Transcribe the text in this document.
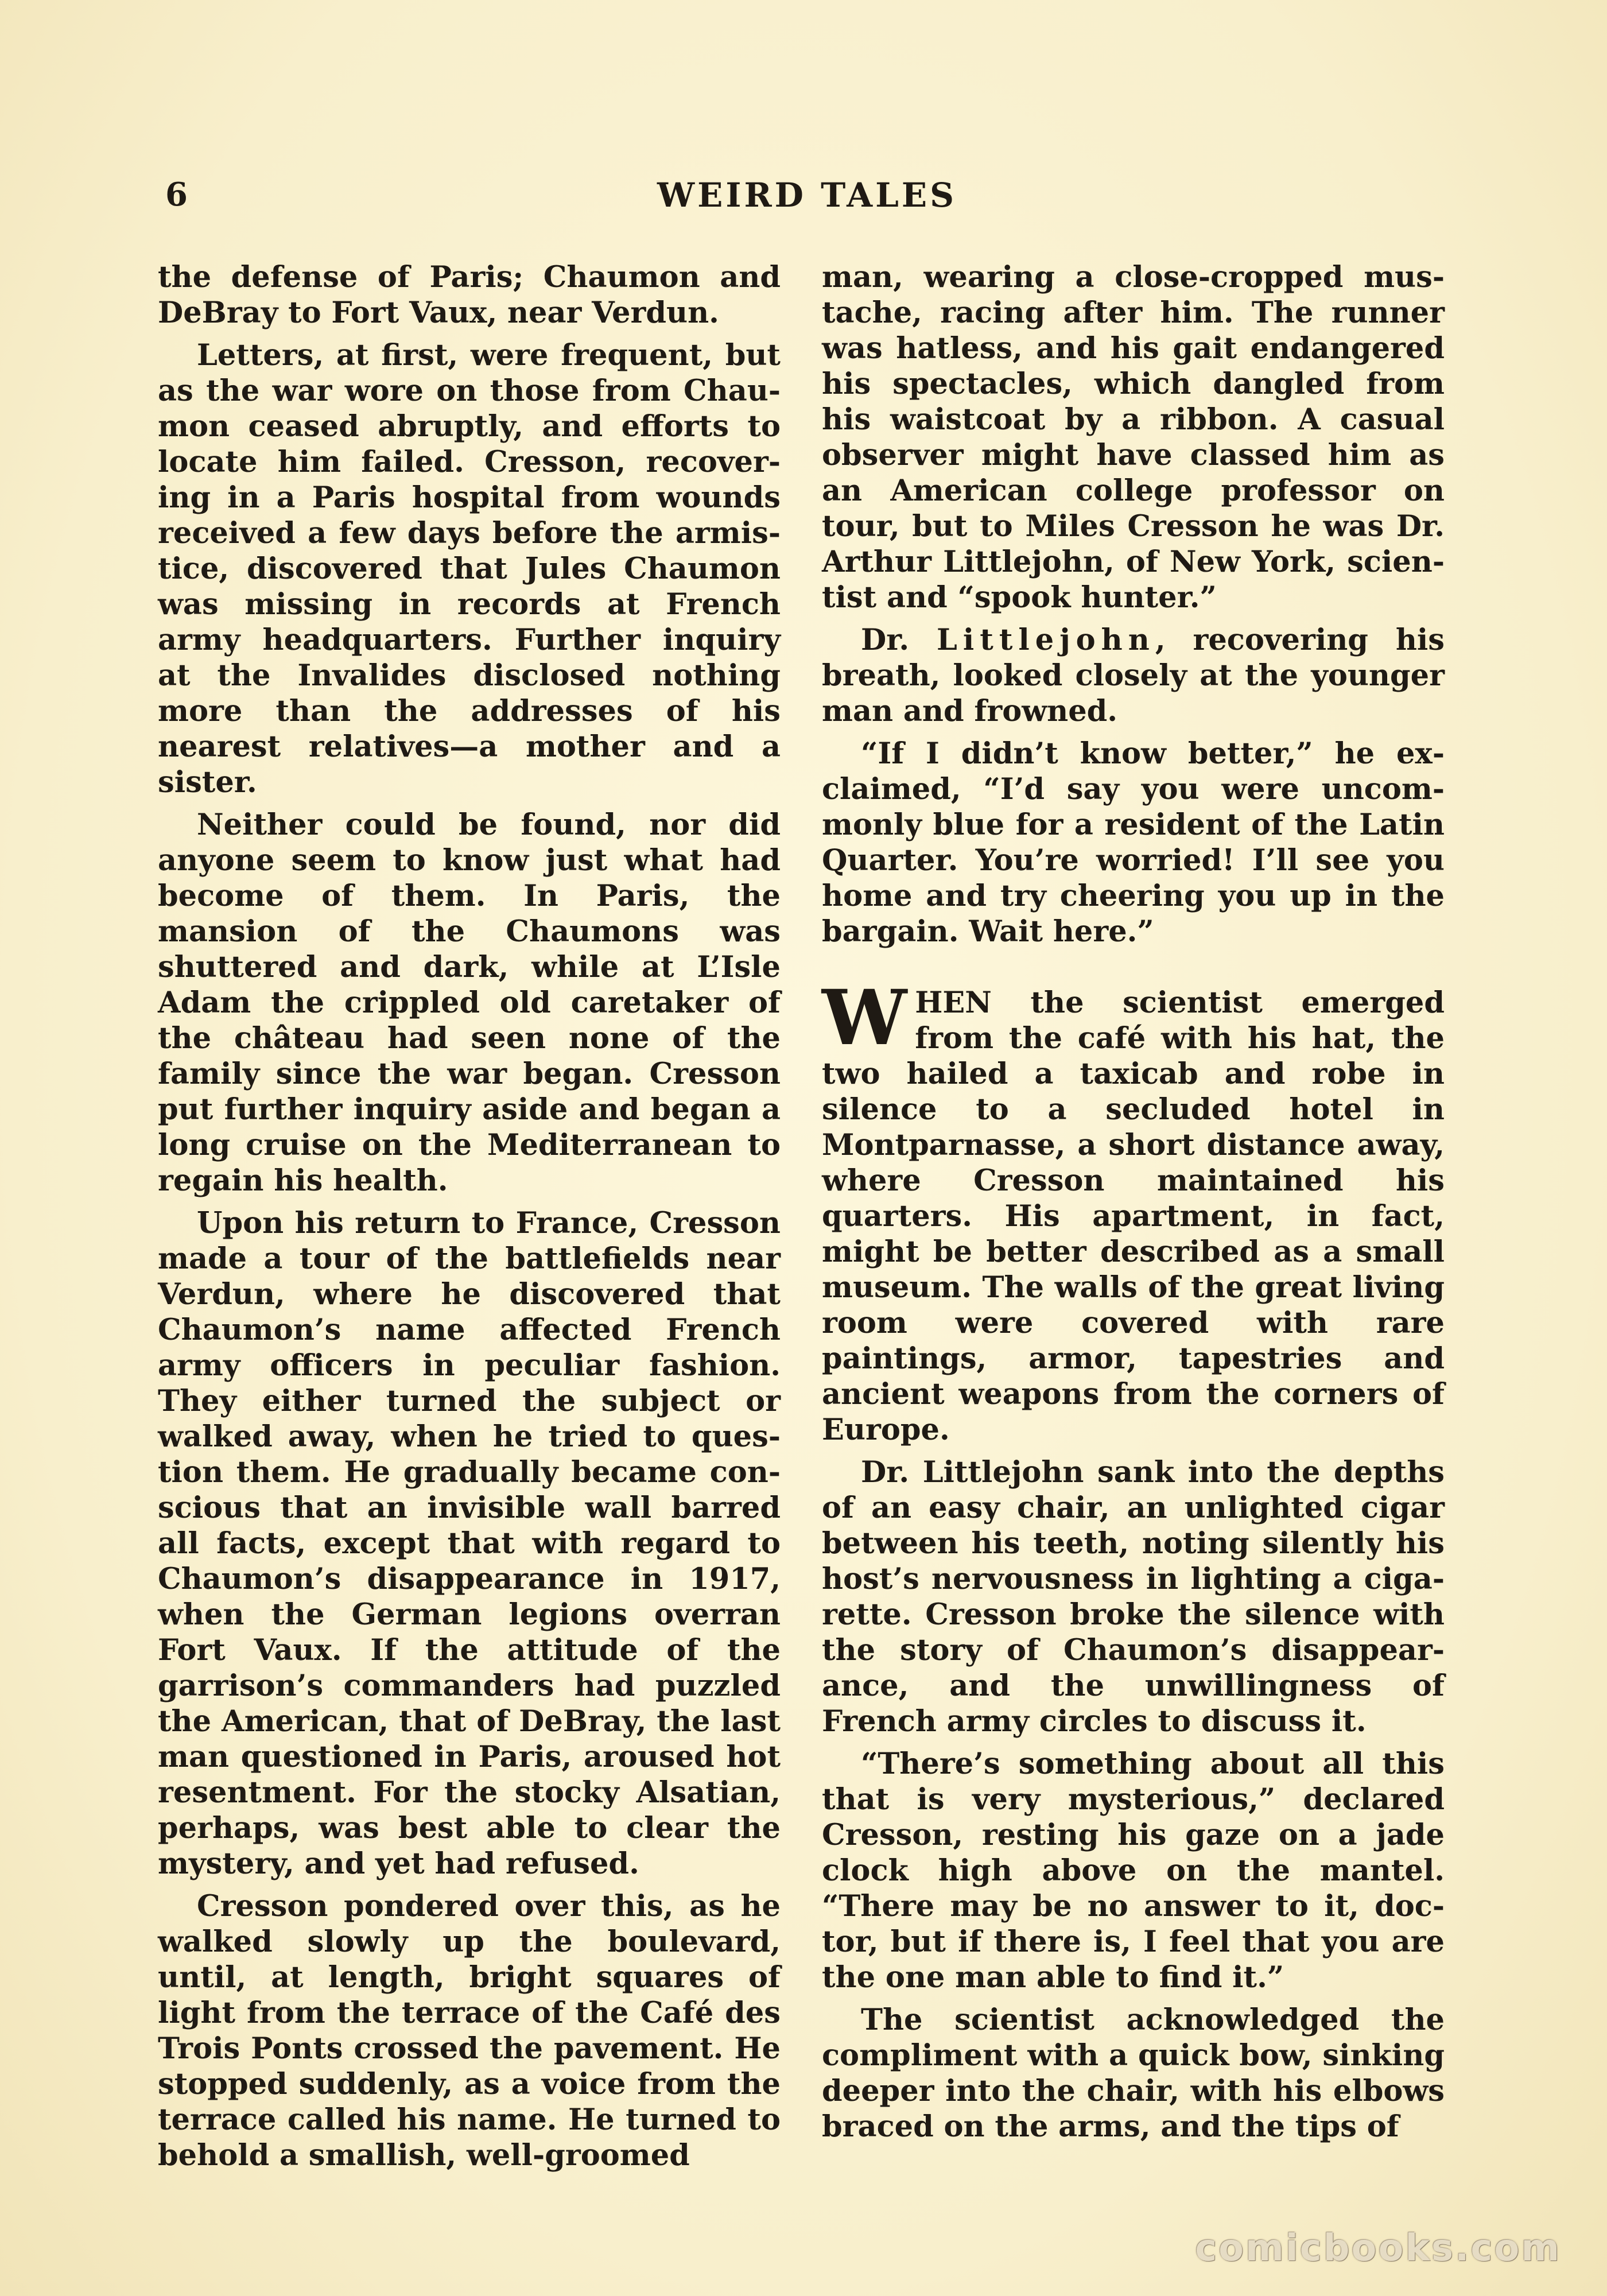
6	WEIRD TALES

the defense of Paris; Chaumon and DeBray to Fort Vaux, near Verdun.

Letters, at first, were frequent, but as the war wore on those from Chaumon ceased abruptly, and efforts to locate him failed. Cresson, recovering in a Paris hospital from wounds received a few days before the armistice, discovered that Jules Chaumon was missing in records at French army headquarters. Further inquiry at the Invalides disclosed nothing more than the addresses of his nearest relatives—a mother and a sister.

Neither could be found, nor did anyone seem to know just what had become of them. In Paris, the mansion of the Chaumons was shuttered and dark, while at L’Isle Adam the crippled old caretaker of the château had seen none of the family since the war began. Cresson put further inquiry aside and began a long cruise on the Mediterranean to regain his health.

Upon his return to France, Cresson made a tour of the battlefields near Verdun, where he discovered that Chaumon’s name affected French army officers in peculiar fashion. They either turned the subject or walked away, when he tried to question them. He gradually became conscious that an invisible wall barred all facts, except that with regard to Chaumon’s disappearance in 1917, when the German legions overran Fort Vaux. If the attitude of the garrison’s commanders had puzzled the American, that of DeBray, the last man questioned in Paris, aroused hot resentment. For the stocky Alsatian, perhaps, was best able to clear the mystery, and yet had refused.

Cresson pondered over this, as he walked slowly up the boulevard, until, at length, bright squares of light from the terrace of the Café des Trois Ponts crossed the pavement. He stopped suddenly, as a voice from the terrace called his name. He turned to behold a smallish, well-groomed

man, wearing a close-cropped mustache, racing after him. The runner was hatless, and his gait endangered his spectacles, which dangled from his waistcoat by a ribbon. A casual observer might have classed him as an American college professor on tour, but to Miles Cresson he was Dr. Arthur Littlejohn, of New York, scientist and “spook hunter.”

Dr. Littlejohn, recovering his breath, looked closely at the younger man and frowned.

“If I didn’t know better,” he exclaimed, “I’d say you were uncommonly blue for a resident of the Latin Quarter. You’re worried! I’ll see you home and try cheering you up in the bargain. Wait here.”

WHEN the scientist emerged from the café with his hat, the two hailed a taxicab and robe in silence to a secluded hotel in Montparnasse, a short distance away, where Cresson maintained his quarters. His apartment, in fact, might be better described as a small museum. The walls of the great living room were covered with rare paintings, armor, tapestries and ancient weapons from the corners of Europe.

Dr. Littlejohn sank into the depths of an easy chair, an unlighted cigar between his teeth, noting silently his host’s nervousness in lighting a cigarette. Cresson broke the silence with the story of Chaumon’s disappearance, and the unwillingness of French army circles to discuss it.

“There’s something about all this that is very mysterious,” declared Cresson, resting his gaze on a jade clock high above on the mantel. “There may be no answer to it, doctor, but if there is, I feel that you are the one man able to find it.”

The scientist acknowledged the compliment with a quick bow, sinking deeper into the chair, with his elbows braced on the arms, and the tips of

comicbooks.com
